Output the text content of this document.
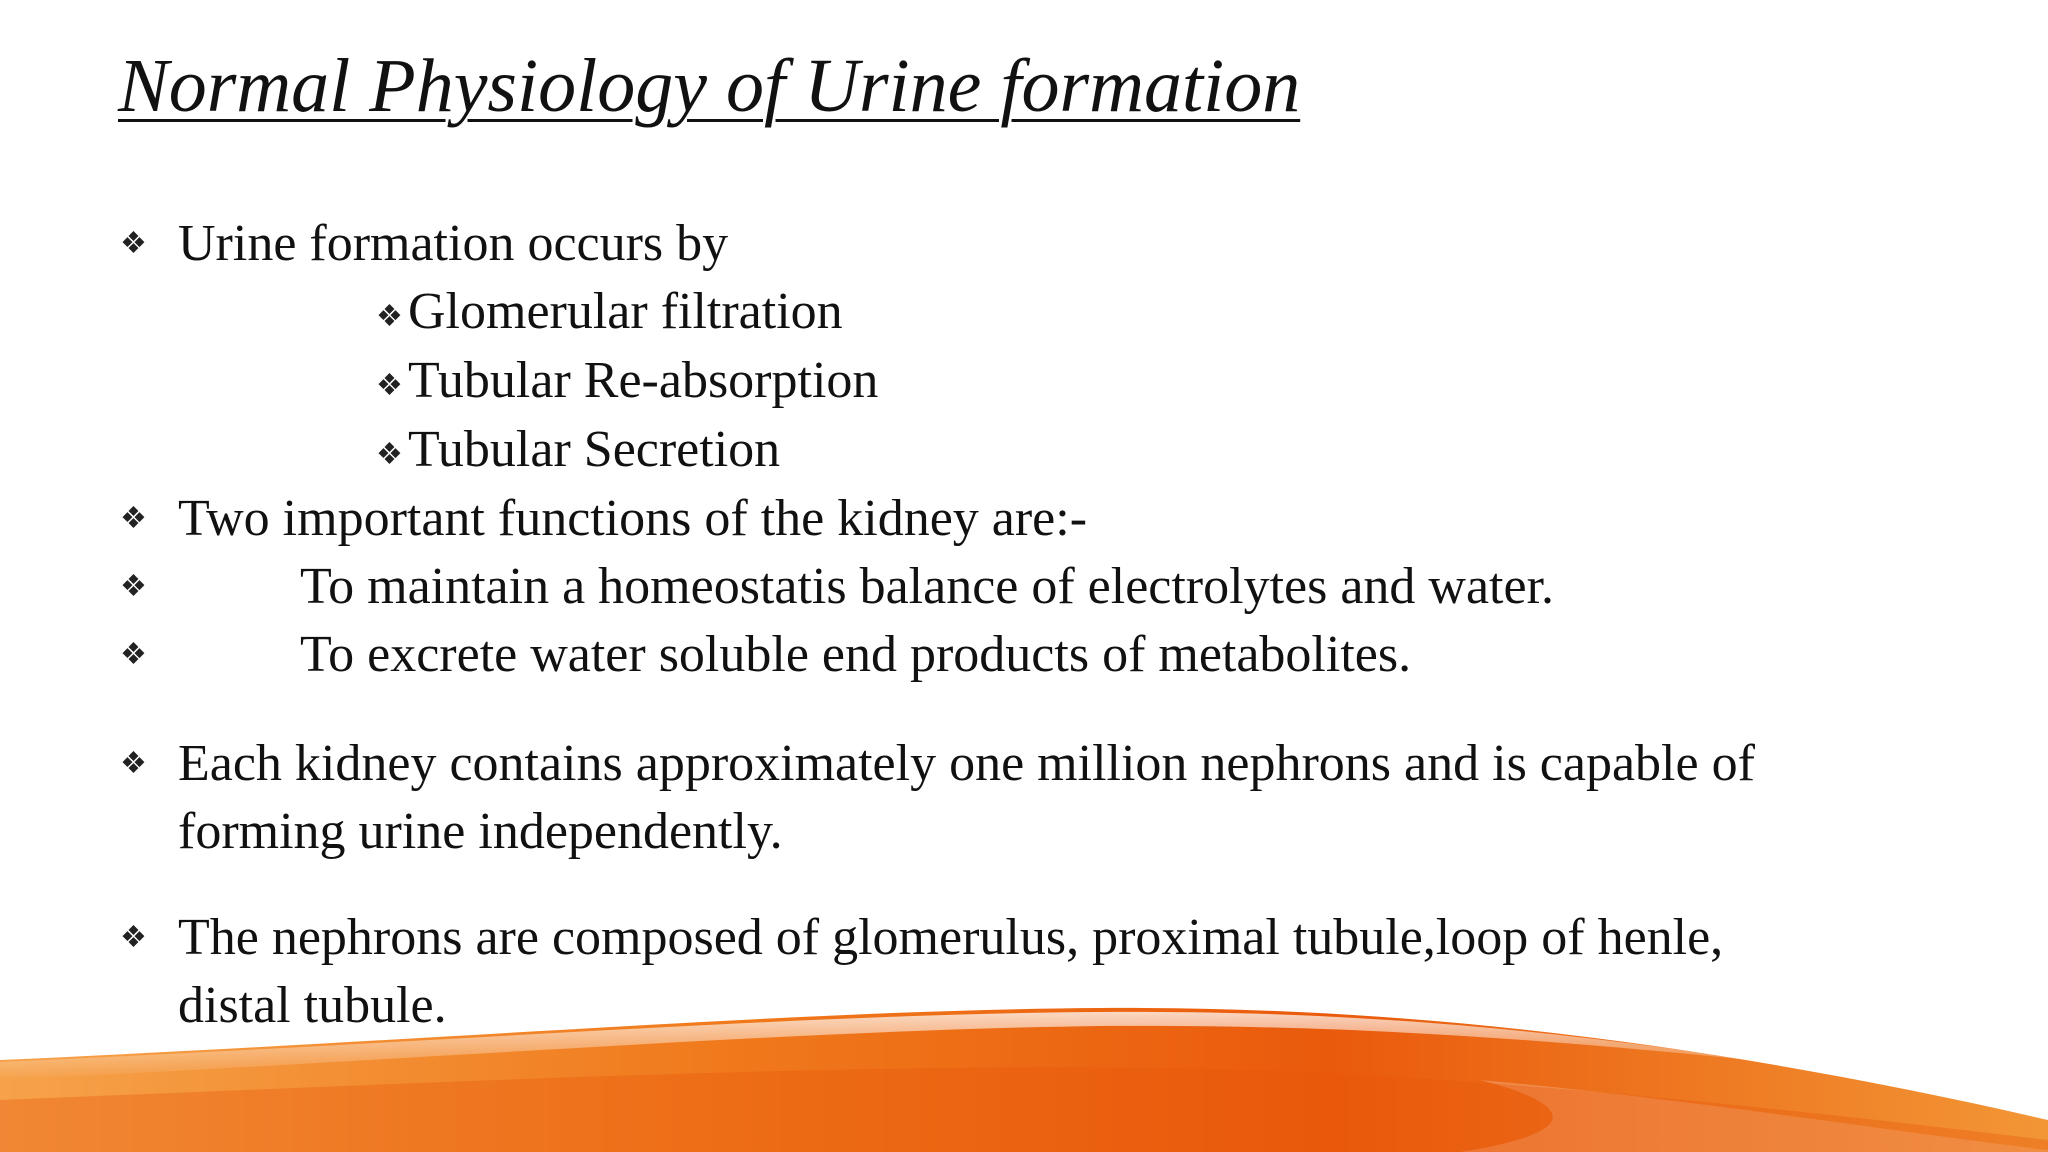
Normal Physiology of Urine formation
❖ Urine formation occurs by
❖Glomerular filtration
❖Tubular Re-absorption
❖Tubular Secretion
❖ Two important functions of the kidney are:-
❖	To maintain a homeostatis balance of electrolytes and water.
❖	To excrete water soluble end products of metabolites.
❖ Each kidney contains approximately one million nephrons and is capable of
forming urine independently.
❖ The nephrons are composed of glomerulus, proximal tubule,loop of henle,
distal tubule.
